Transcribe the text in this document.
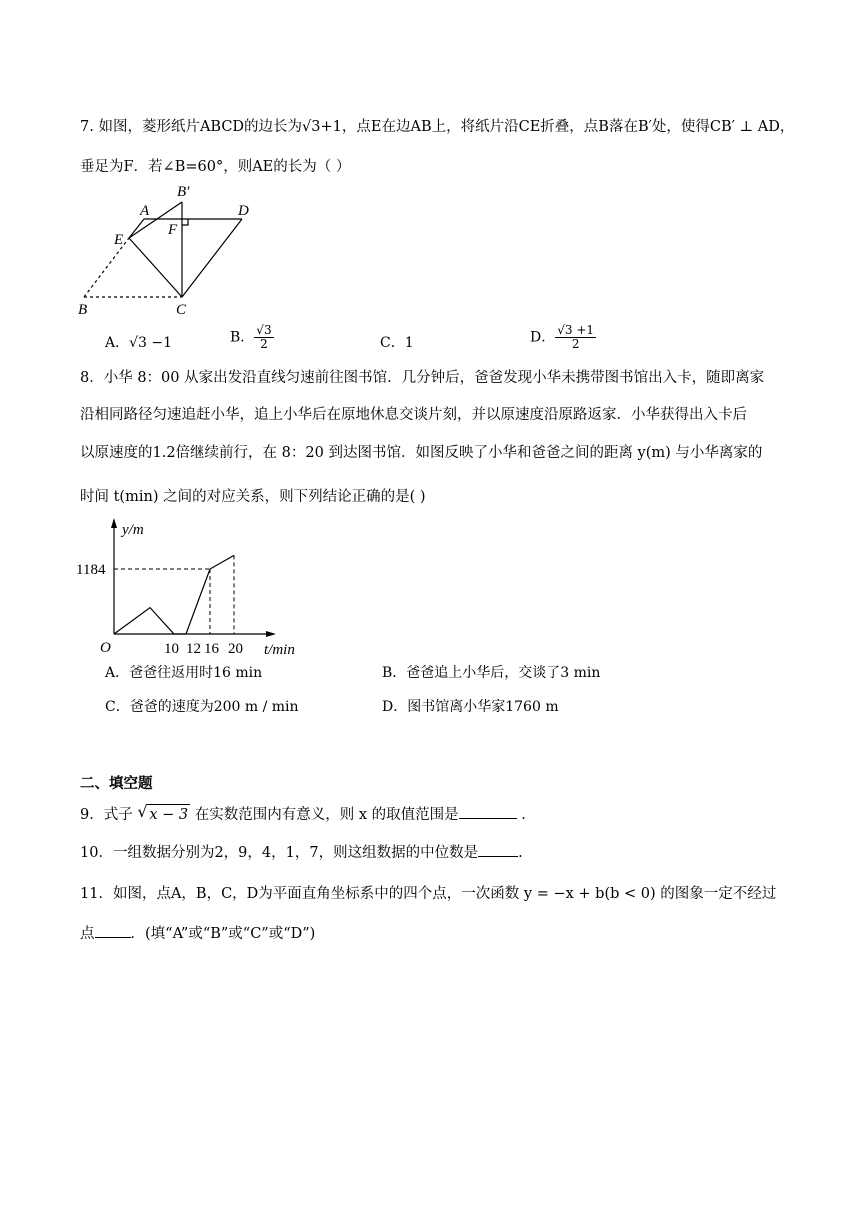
7. 如图，菱形纸片ABCD的边长为√3+1，点E在边AB上，将纸片沿CE折叠，点B落在B′处，使得CB′ ⊥ AD，
垂足为F．若∠B=60°，则AE的长为（ ）
A
B′
D
E
F
B	C
A．√3 −1	B． $\frac{√3}{2}$	C．1	D． $\frac{√3 +1}{2}$
8．小华 8：00 从家出发沿直线匀速前往图书馆．几分钟后，爸爸发现小华未携带图书馆出入卡，随即离家
沿相同路径匀速追赶小华，追上小华后在原地休息交谈片刻，并以原速度沿原路返家．小华获得出入卡后
以原速度的1.2倍继续前行，在 8：20 到达图书馆．如图反映了小华和爸爸之间的距离 y(m) 与小华离家的
时间 t(min) 之间的对应关系，则下列结论正确的是( )
y/m
t/min
O
1184
10 12 16 20
A．爸爸往返用时16 min	B．爸爸追上小华后，交谈了3 min
C．爸爸的速度为200 m / min	D．图书馆离小华家1760 m
二、填空题
9．式子 √ x − 3 在实数范围内有意义，则 x 的取值范围是	．
10．一组数据分别为2，9，4，1，7，则这组数据的中位数是	.
11．如图，点A，B，C，D为平面直角坐标系中的四个点，一次函数 y = −x + b(b < 0) 的图象一定不经过
点 ．(填“A”或“B”或“C”或“D”)
